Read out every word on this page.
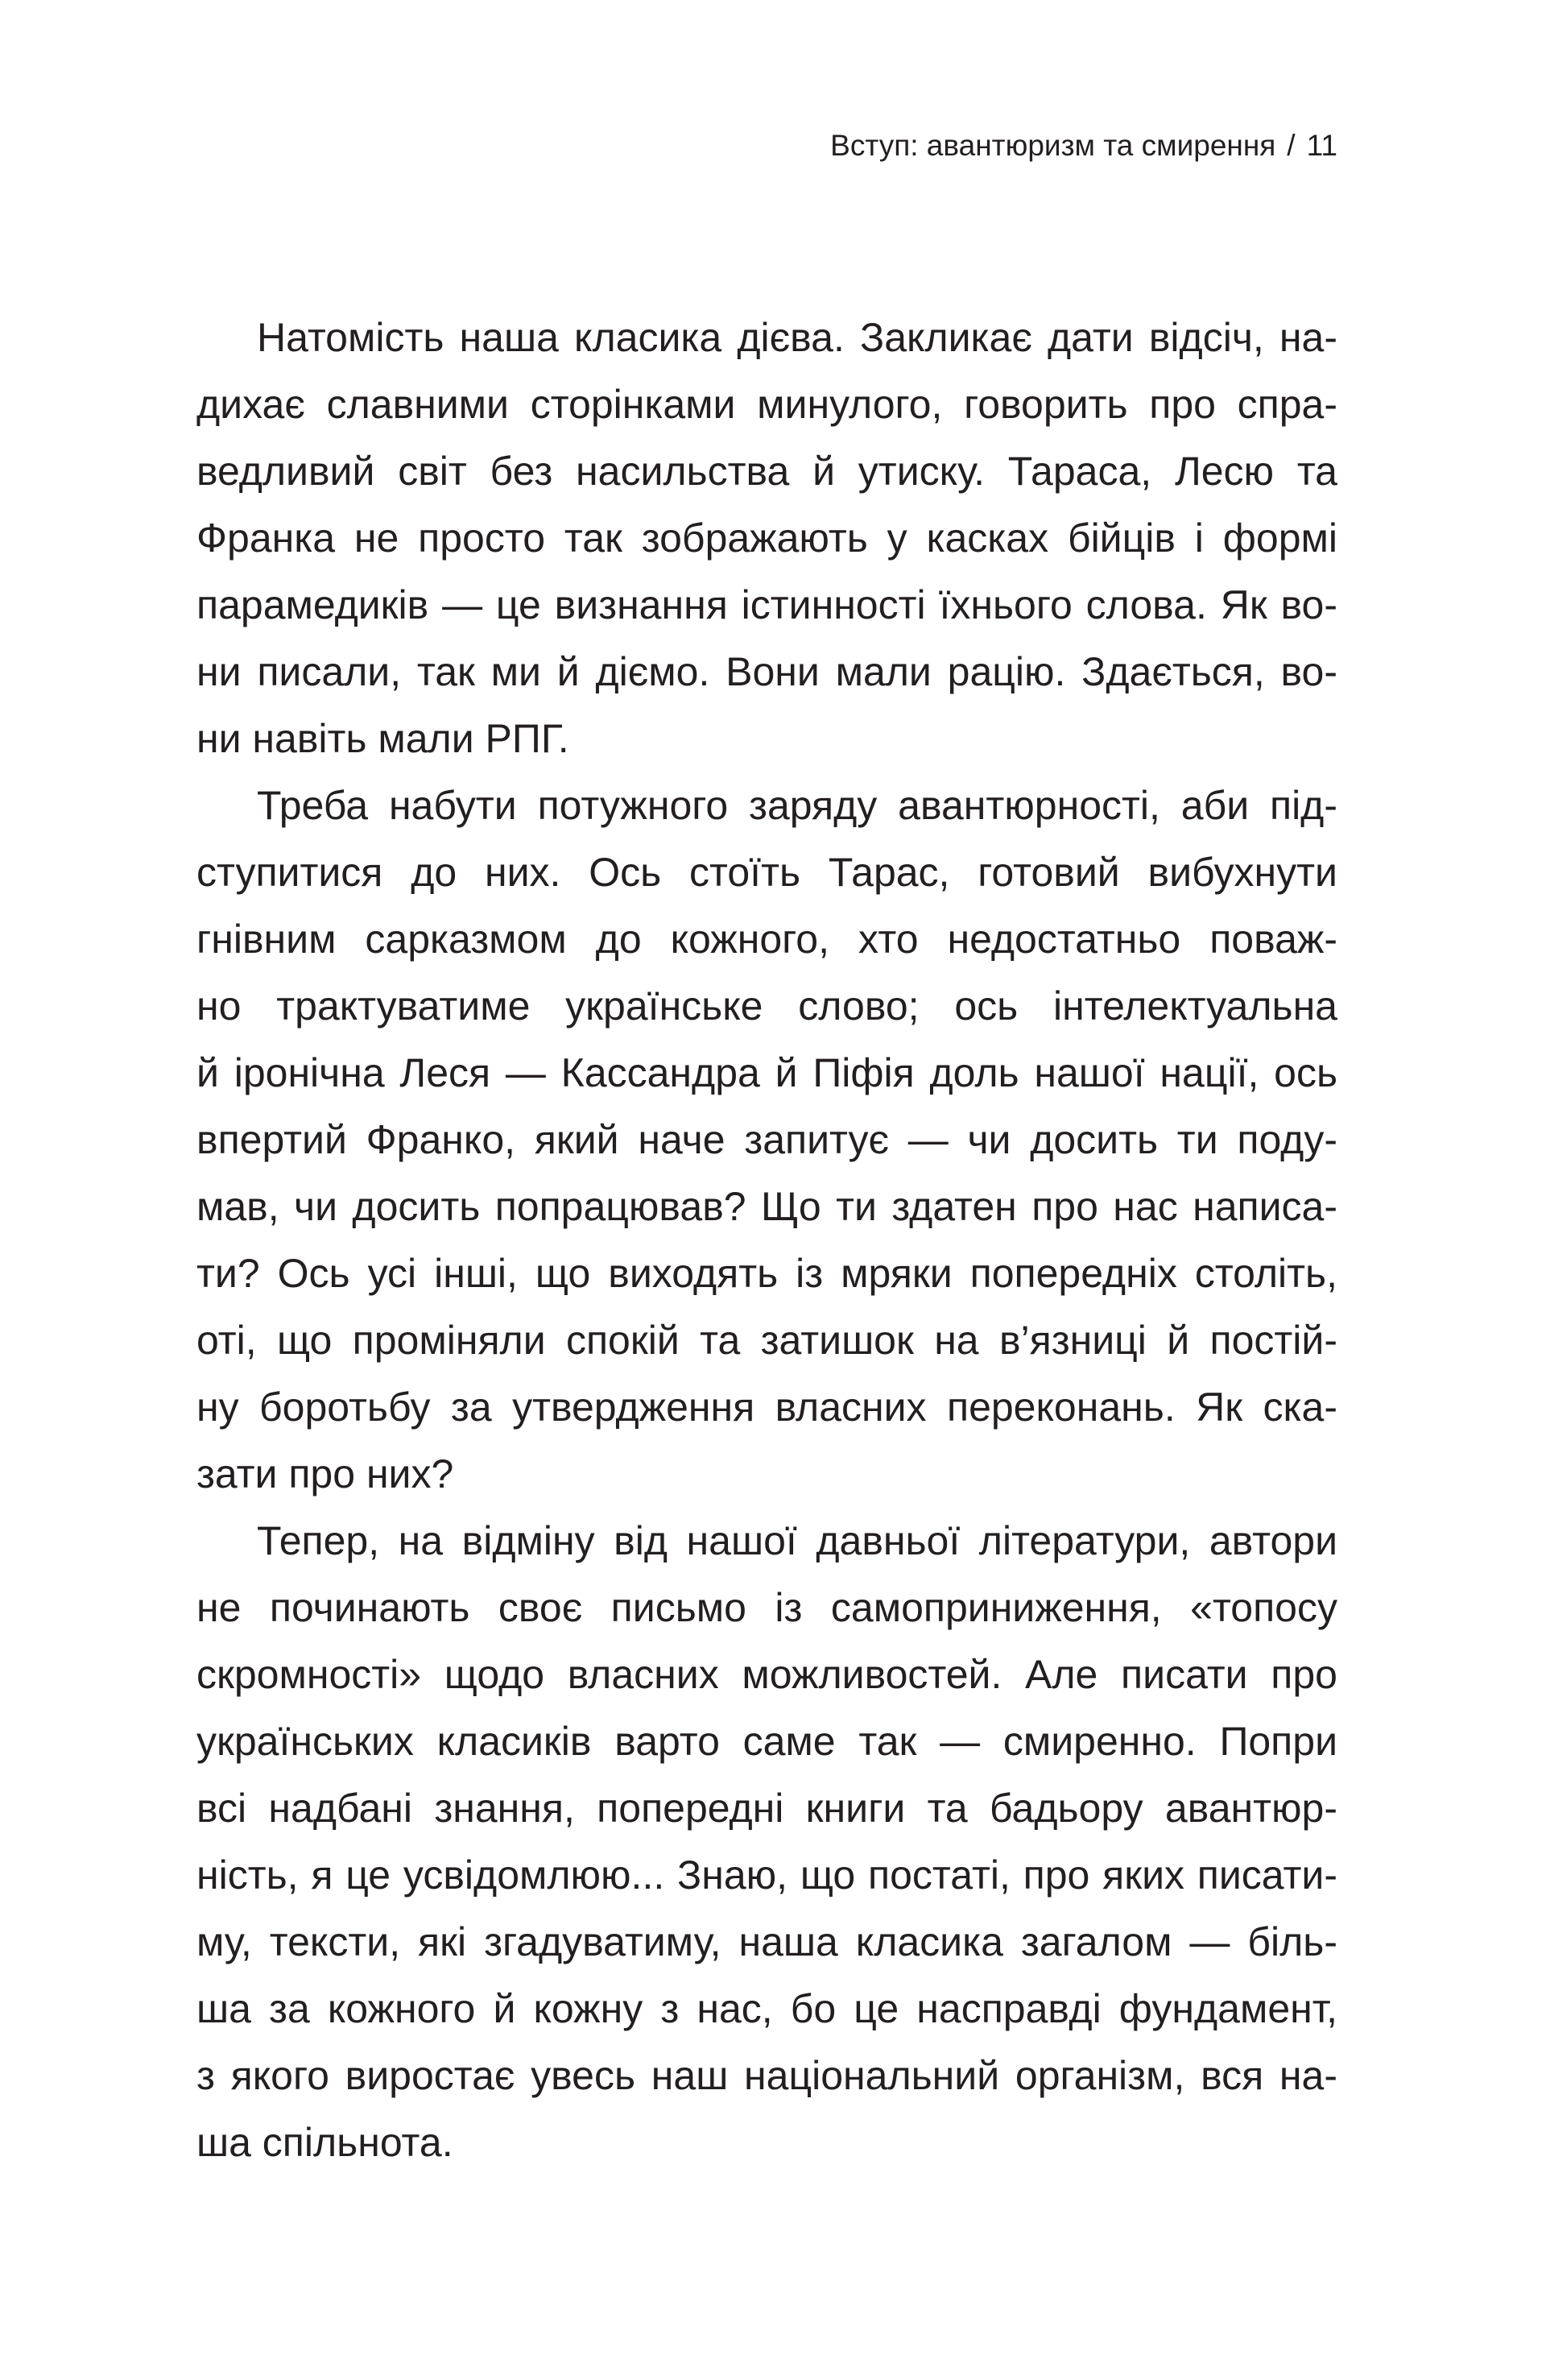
Вступ: авантюризм та смирення / 11
Натомість наша класика дієва. Закликає дати відсіч, на-
дихає славними сторінками минулого, говорить про спра-
ведливий світ без насильства й утиску. Тараса, Лесю та
Франка не просто так зображають у касках бійців і формі
парамедиків — це визнання істинності їхнього слова. Як во-
ни писали, так ми й діємо. Вони мали рацію. Здається, во-
ни навіть мали РПГ.
Треба набути потужного заряду авантюрності, аби під-
ступитися до них. Ось стоїть Тарас, готовий вибухнути
гнівним сарказмом до кожного, хто недостатньо поваж-
но трактуватиме українське слово; ось інтелектуальна
й іронічна Леся — Кассандра й Піфія доль нашої нації, ось
впертий Франко, який наче запитує — чи досить ти поду-
мав, чи досить попрацював? Що ти здатен про нас написа-
ти? Ось усі інші, що виходять із мряки попередніх століть,
оті, що проміняли спокій та затишок на в’язниці й постій-
ну боротьбу за утвердження власних переконань. Як ска-
зати про них?
Тепер, на відміну від нашої давньої літератури, автори
не починають своє письмо із самоприниження, «топосу
скромності» щодо власних можливостей. Але писати про
українських класиків варто саме так — смиренно. Попри
всі надбані знання, попередні книги та бадьору авантюр-
ність, я це усвідомлюю... Знаю, що постаті, про яких писати-
му, тексти, які згадуватиму, наша класика загалом — біль-
ша за кожного й кожну з нас, бо це насправді фундамент,
з якого виростає увесь наш національний організм, вся на-
ша спільнота.
